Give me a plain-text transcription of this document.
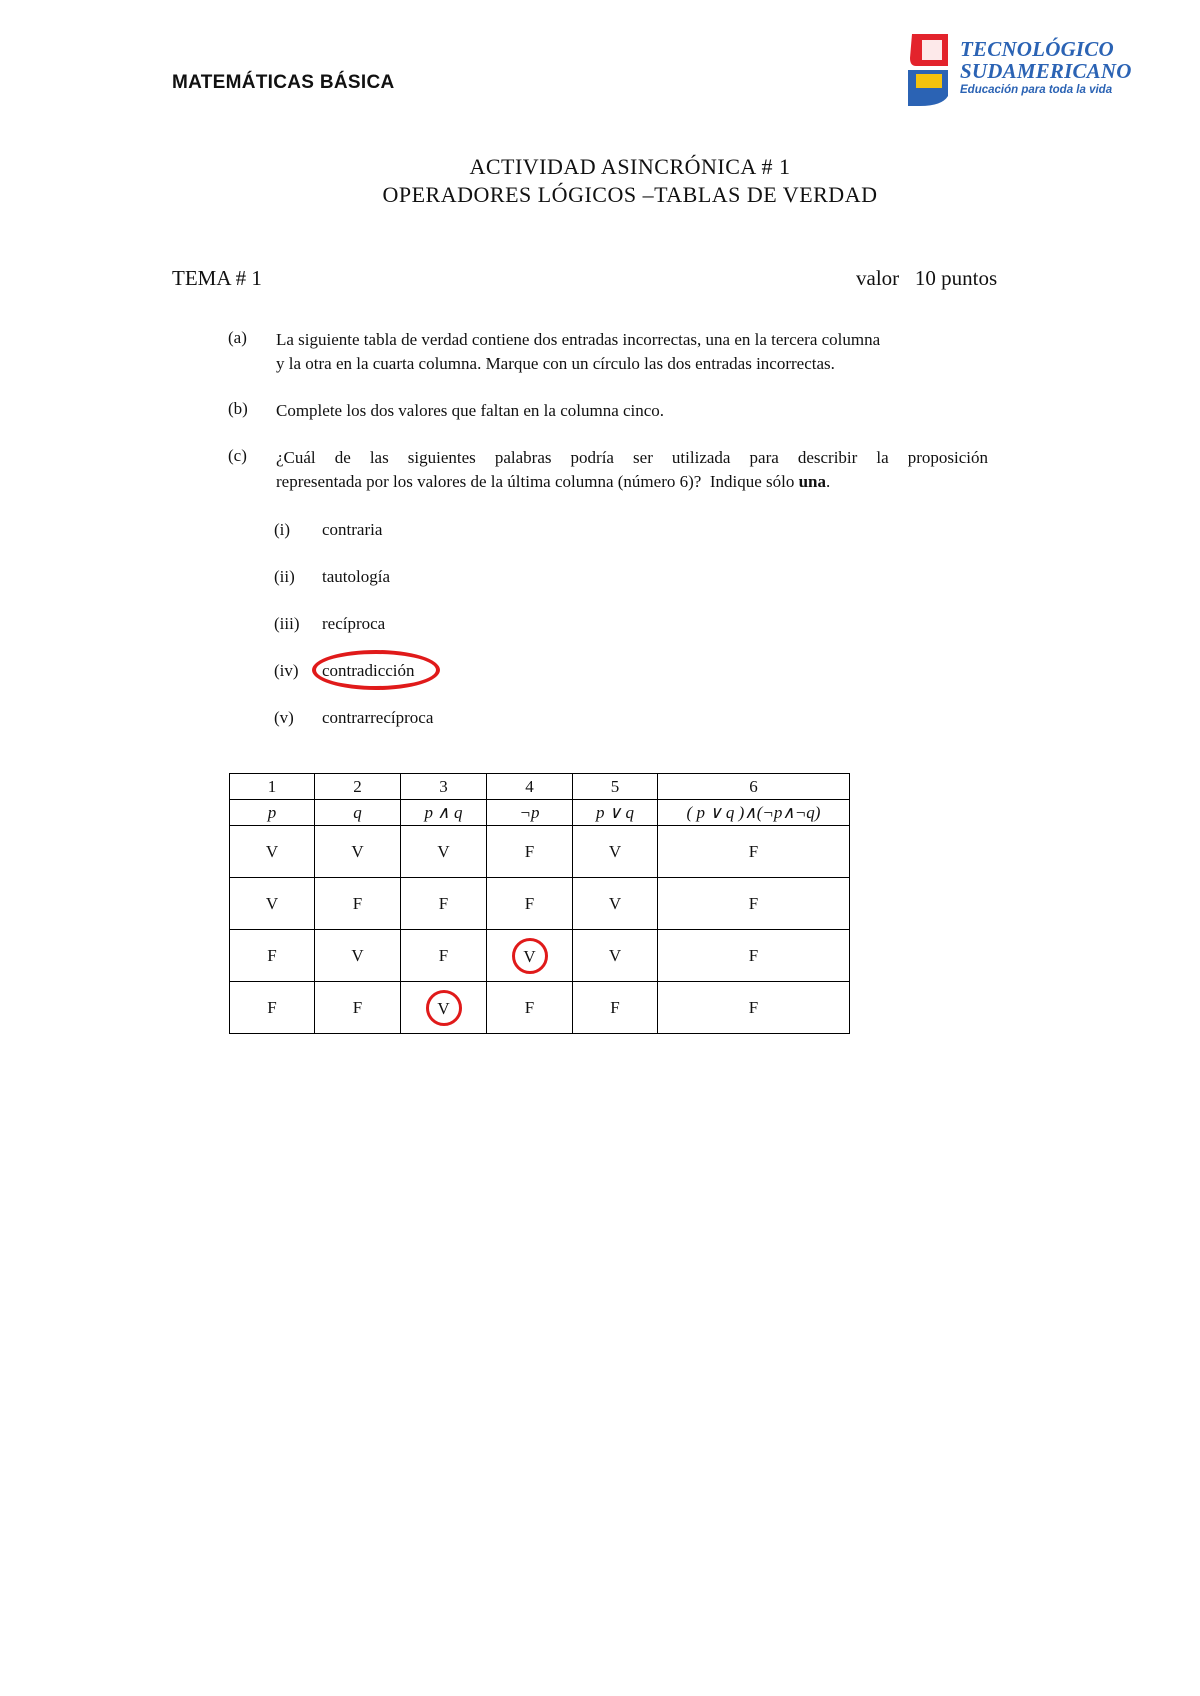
MATEMÁTICAS BÁSICA
TECNOLÓGICO
SUDAMERICANO
Educación para toda la vida
ACTIVIDAD ASINCRÓNICA # 1
OPERADORES LÓGICOS –TABLAS DE VERDAD
TEMA # 1	valor   10 puntos
(a) La siguiente tabla de verdad contiene dos entradas incorrectas, una en la tercera columna
y la otra en la cuarta columna. Marque con un círculo las dos entradas incorrectas.
(b) Complete los dos valores que faltan en la columna cinco.
(c) ¿Cuál de las siguientes palabras podría ser utilizada para describir la proposición
representada por los valores de la última columna (número 6)?  Indique sólo una.
(i) contraria
(ii) tautología
(iii) recíproca
(iv) contradicción
(v) contrarrecíproca
1	2	3	4	5	6
p	q	p ∧ q	¬p	p ∨ q	( p ∨ q )∧(¬p∧¬q)
V	V	V	F	V	F
V	F	F	F	V	F
F	V	F	V	V	F
F	F	V	F	F	F
